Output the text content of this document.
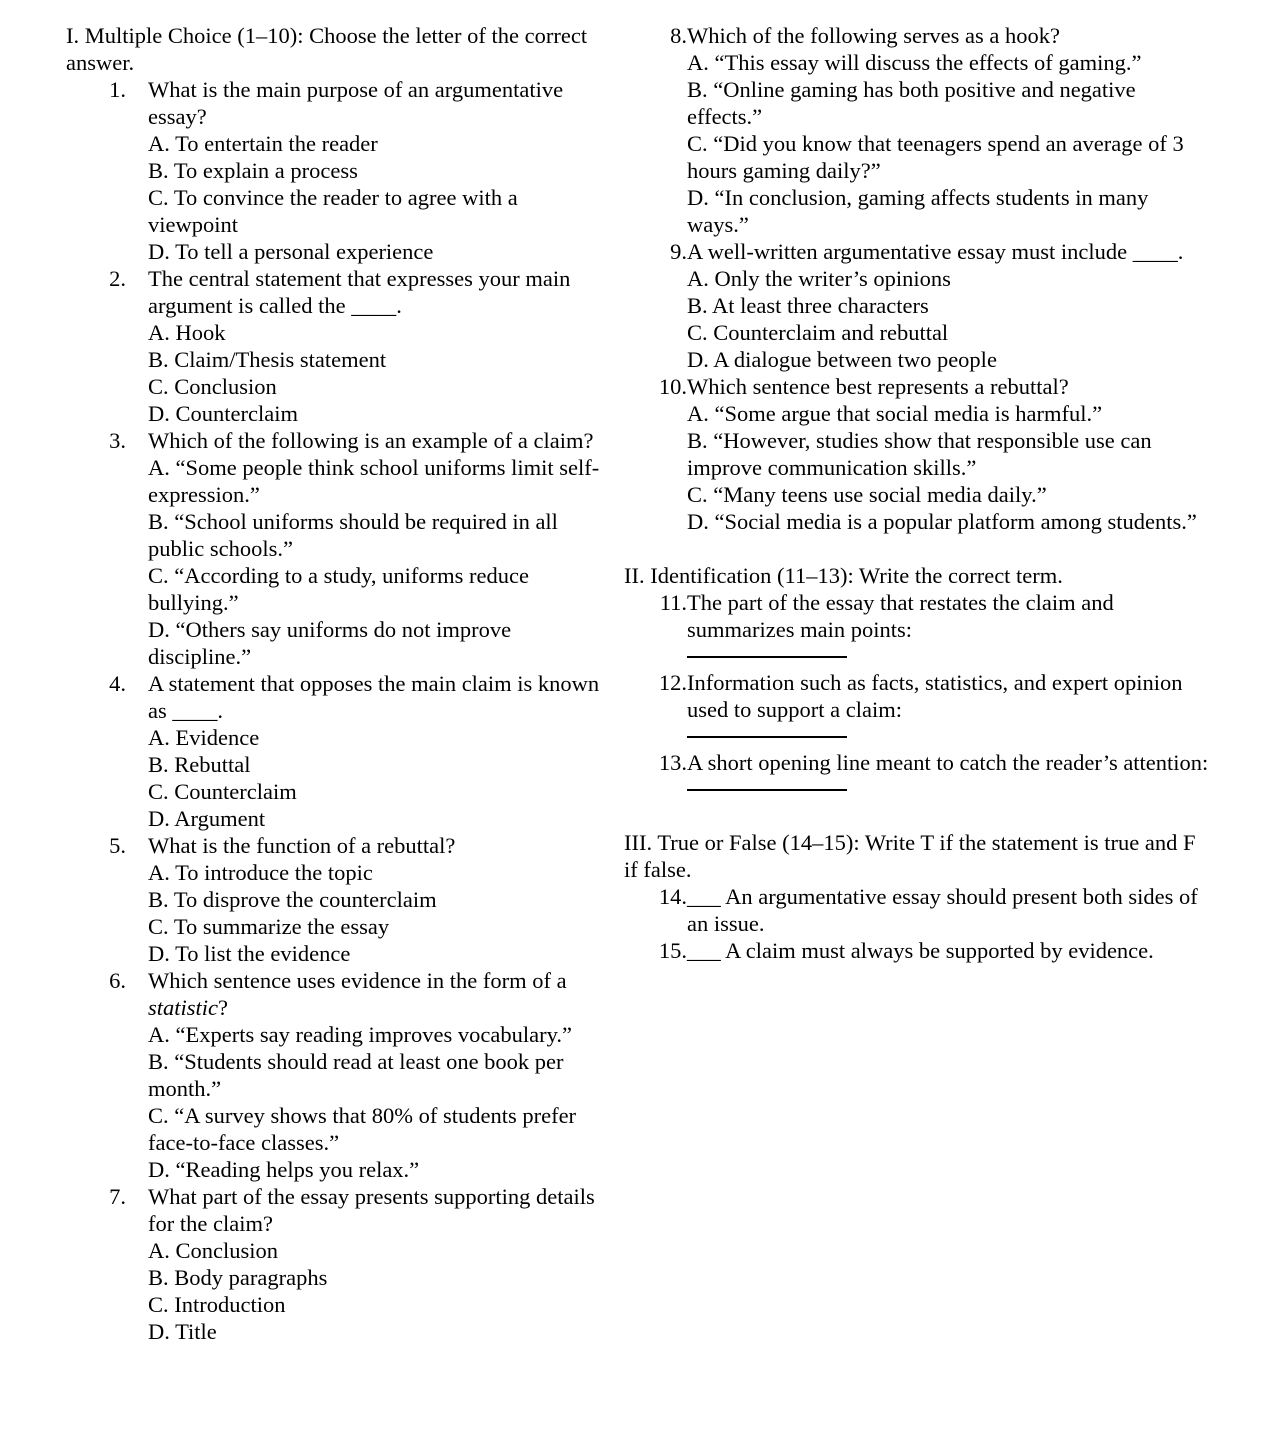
I. Multiple Choice (1–10): Choose the letter of the correct answer.

1. What is the main purpose of an argumentative essay?

A. To entertain the reader

B. To explain a process

C. To convince the reader to agree with a viewpoint

D. To tell a personal experience

2. The central statement that expresses your main argument is called the ____.

A. Hook

B. Claim/Thesis statement

C. Conclusion

D. Counterclaim

3. Which of the following is an example of a claim?

A. “Some people think school uniforms limit self-expression.”

B. “School uniforms should be required in all public schools.”

C. “According to a study, uniforms reduce bullying.”

D. “Others say uniforms do not improve discipline.”

4. A statement that opposes the main claim is known as ____.

A. Evidence

B. Rebuttal

C. Counterclaim

D. Argument

5. What is the function of a rebuttal?

A. To introduce the topic

B. To disprove the counterclaim

C. To summarize the essay

D. To list the evidence

6. Which sentence uses evidence in the form of a statistic?

A. “Experts say reading improves vocabulary.”

B. “Students should read at least one book per month.”

C. “A survey shows that 80% of students prefer face-to-face classes.”

D. “Reading helps you relax.”

7. What part of the essay presents supporting details for the claim?

A. Conclusion

B. Body paragraphs

C. Introduction

D. Title

8. Which of the following serves as a hook?

A. “This essay will discuss the effects of gaming.”

B. “Online gaming has both positive and negative effects.”

C. “Did you know that teenagers spend an average of 3 hours gaming daily?”

D. “In conclusion, gaming affects students in many ways.”

9. A well-written argumentative essay must include ____.

A. Only the writer’s opinions

B. At least three characters

C. Counterclaim and rebuttal

D. A dialogue between two people

10. Which sentence best represents a rebuttal?

A. “Some argue that social media is harmful.”

B. “However, studies show that responsible use can improve communication skills.”

C. “Many teens use social media daily.”

D. “Social media is a popular platform among students.”

II. Identification (11–13): Write the correct term.

11. The part of the essay that restates the claim and summarizes main points:

12. Information such as facts, statistics, and expert opinion used to support a claim:

13. A short opening line meant to catch the reader’s attention:

III. True or False (14–15): Write T if the statement is true and F if false.

14. ___ An argumentative essay should present both sides of an issue.

15. ___ A claim must always be supported by evidence.
